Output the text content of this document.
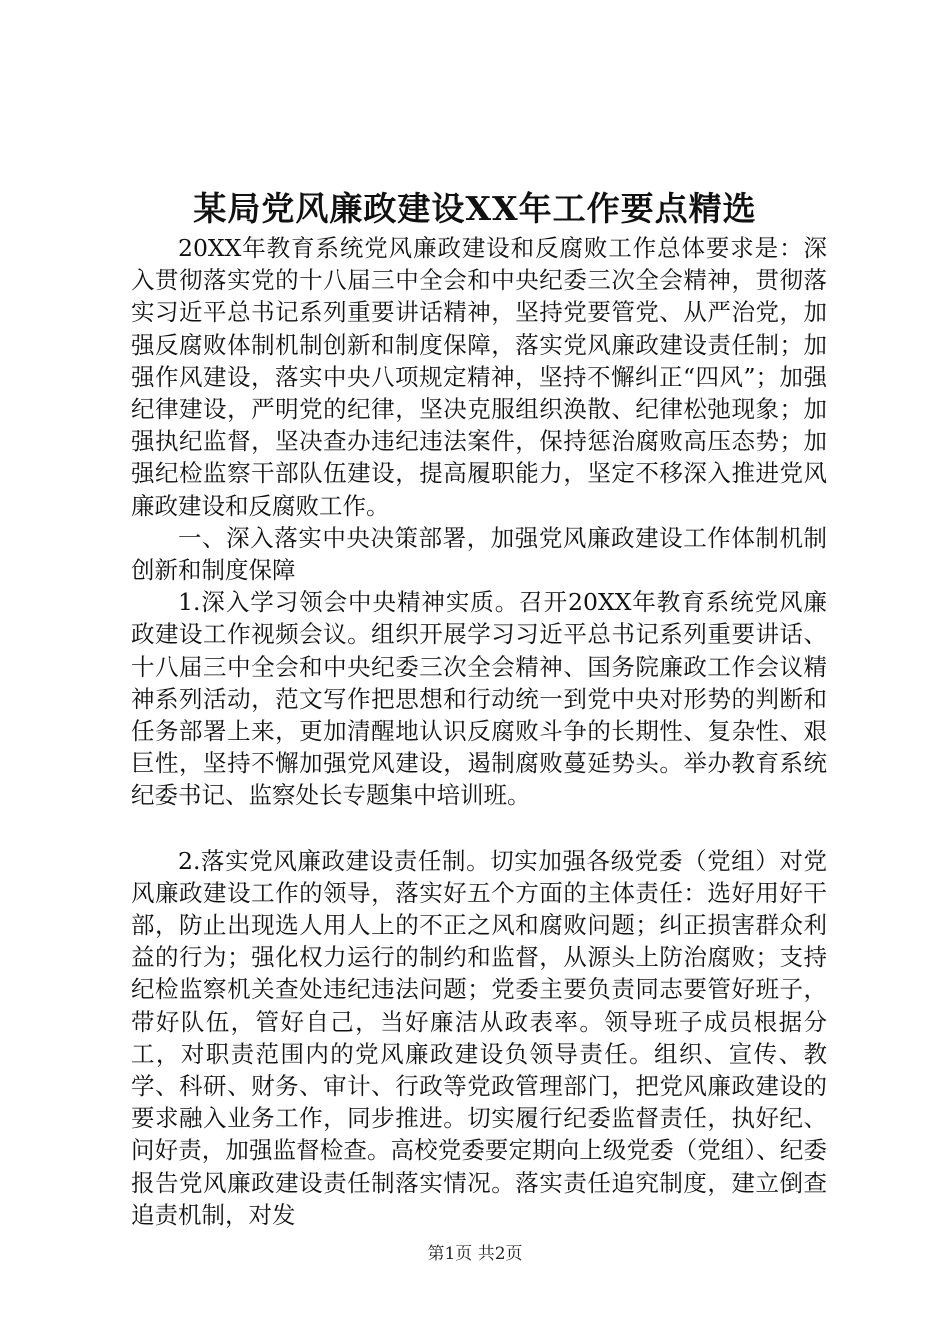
某局党风廉政建设XX年工作要点精选

20XX年教育系统党风廉政建设和反腐败工作总体要求是：深入贯彻落实党的十八届三中全会和中央纪委三次全会精神，贯彻落实习近平总书记系列重要讲话精神，坚持党要管党、从严治党，加强反腐败体制机制创新和制度保障，落实党风廉政建设责任制；加强作风建设，落实中央八项规定精神，坚持不懈纠正“四风”；加强纪律建设，严明党的纪律，坚决克服组织涣散、纪律松弛现象；加强执纪监督，坚决查办违纪违法案件，保持惩治腐败高压态势；加强纪检监察干部队伍建设，提高履职能力，坚定不移深入推进党风廉政建设和反腐败工作。

一、深入落实中央决策部署，加强党风廉政建设工作体制机制创新和制度保障

1.深入学习领会中央精神实质。召开20XX年教育系统党风廉政建设工作视频会议。组织开展学习习近平总书记系列重要讲话、十八届三中全会和中央纪委三次全会精神、国务院廉政工作会议精神系列活动，范文写作把思想和行动统一到党中央对形势的判断和任务部署上来，更加清醒地认识反腐败斗争的长期性、复杂性、艰巨性，坚持不懈加强党风建设，遏制腐败蔓延势头。举办教育系统纪委书记、监察处长专题集中培训班。

2.落实党风廉政建设责任制。切实加强各级党委（党组）对党风廉政建设工作的领导，落实好五个方面的主体责任：选好用好干部，防止出现选人用人上的不正之风和腐败问题；纠正损害群众利益的行为；强化权力运行的制约和监督，从源头上防治腐败；支持纪检监察机关查处违纪违法问题；党委主要负责同志要管好班子，带好队伍，管好自己，当好廉洁从政表率。领导班子成员根据分工，对职责范围内的党风廉政建设负领导责任。组织、宣传、教学、科研、财务、审计、行政等党政管理部门，把党风廉政建设的要求融入业务工作，同步推进。切实履行纪委监督责任，执好纪、问好责，加强监督检查。高校党委要定期向上级党委（党组）、纪委报告党风廉政建设责任制落实情况。落实责任追究制度，建立倒查追责机制，对发

第1页 共2页
